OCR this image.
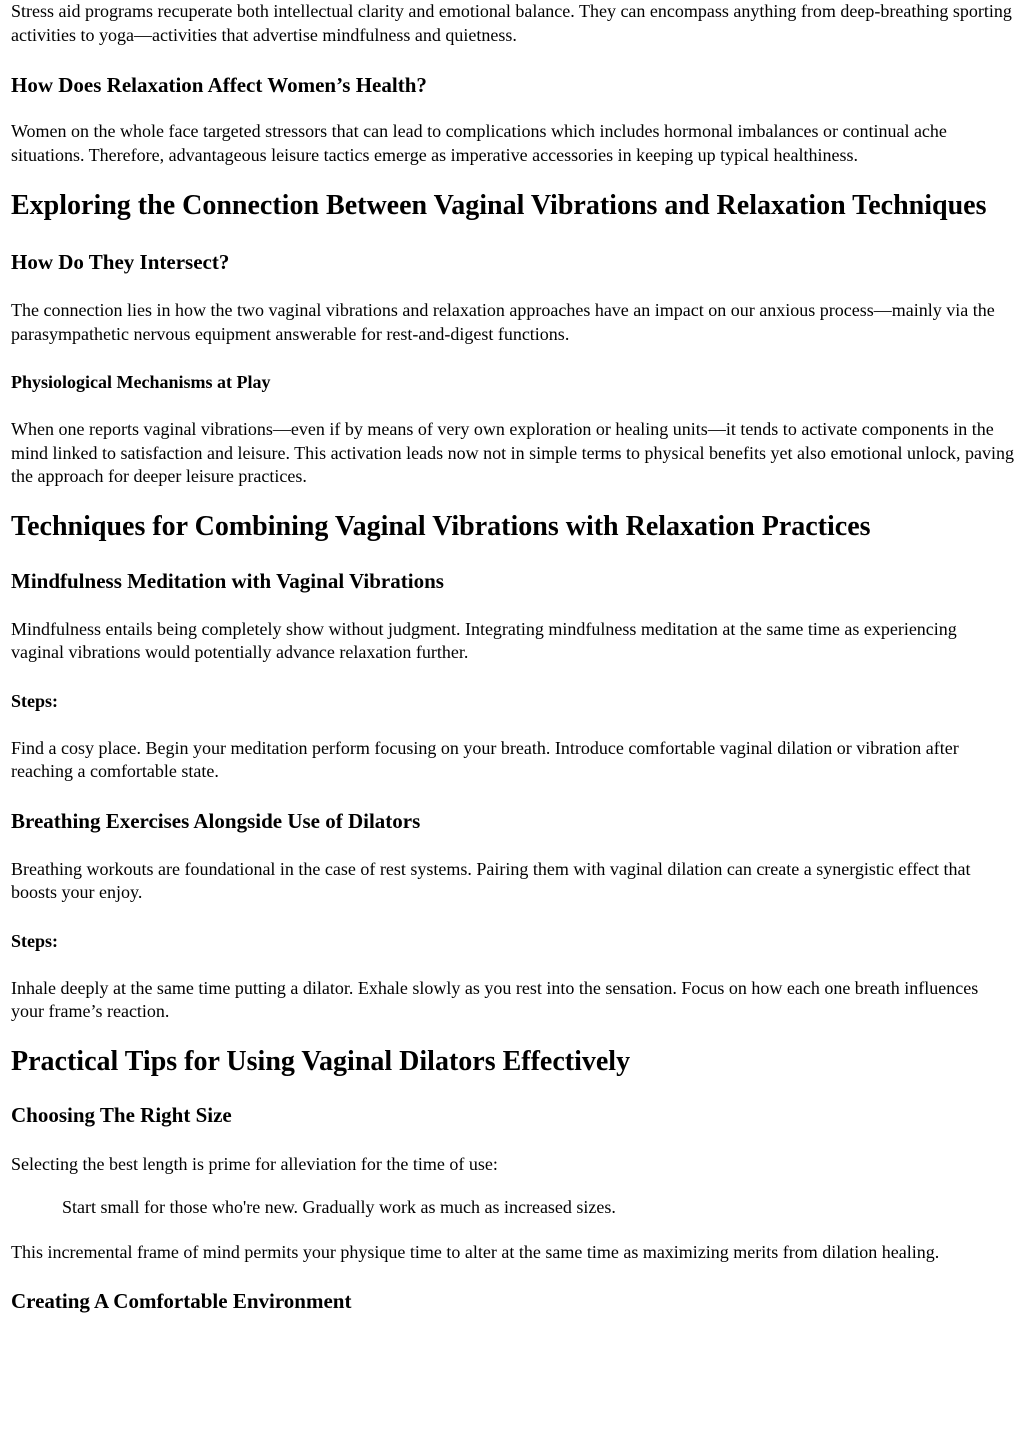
Stress aid programs recuperate both intellectual clarity and emotional balance. They can encompass anything from deep-breathing sporting activities to yoga—activities that advertise mindfulness and quietness.

How Does Relaxation Affect Women’s Health?

Women on the whole face targeted stressors that can lead to complications which includes hormonal imbalances or continual ache situations. Therefore, advantageous leisure tactics emerge as imperative accessories in keeping up typical healthiness.

Exploring the Connection Between Vaginal Vibrations and Relaxation Techniques
How Do They Intersect?

The connection lies in how the two vaginal vibrations and relaxation approaches have an impact on our anxious process—mainly via the parasympathetic nervous equipment answerable for rest-and-digest functions.

Physiological Mechanisms at Play

When one reports vaginal vibrations—even if by means of very own exploration or healing units—it tends to activate components in the mind linked to satisfaction and leisure. This activation leads now not in simple terms to physical benefits yet also emotional unlock, paving the approach for deeper leisure practices.

Techniques for Combining Vaginal Vibrations with Relaxation Practices
Mindfulness Meditation with Vaginal Vibrations

Mindfulness entails being completely show without judgment. Integrating mindfulness meditation at the same time as experiencing vaginal vibrations would potentially advance relaxation further.

Steps:

Find a cosy place. Begin your meditation perform focusing on your breath. Introduce comfortable vaginal dilation or vibration after reaching a comfortable state.

Breathing Exercises Alongside Use of Dilators

Breathing workouts are foundational in the case of rest systems. Pairing them with vaginal dilation can create a synergistic effect that boosts your enjoy.

Steps:

Inhale deeply at the same time putting a dilator. Exhale slowly as you rest into the sensation. Focus on how each one breath influences your frame’s reaction.

Practical Tips for Using Vaginal Dilators Effectively
Choosing The Right Size

Selecting the best length is prime for alleviation for the time of use:

Start small for those who're new. Gradually work as much as increased sizes.

This incremental frame of mind permits your physique time to alter at the same time as maximizing merits from dilation healing.

Creating A Comfortable Environment
